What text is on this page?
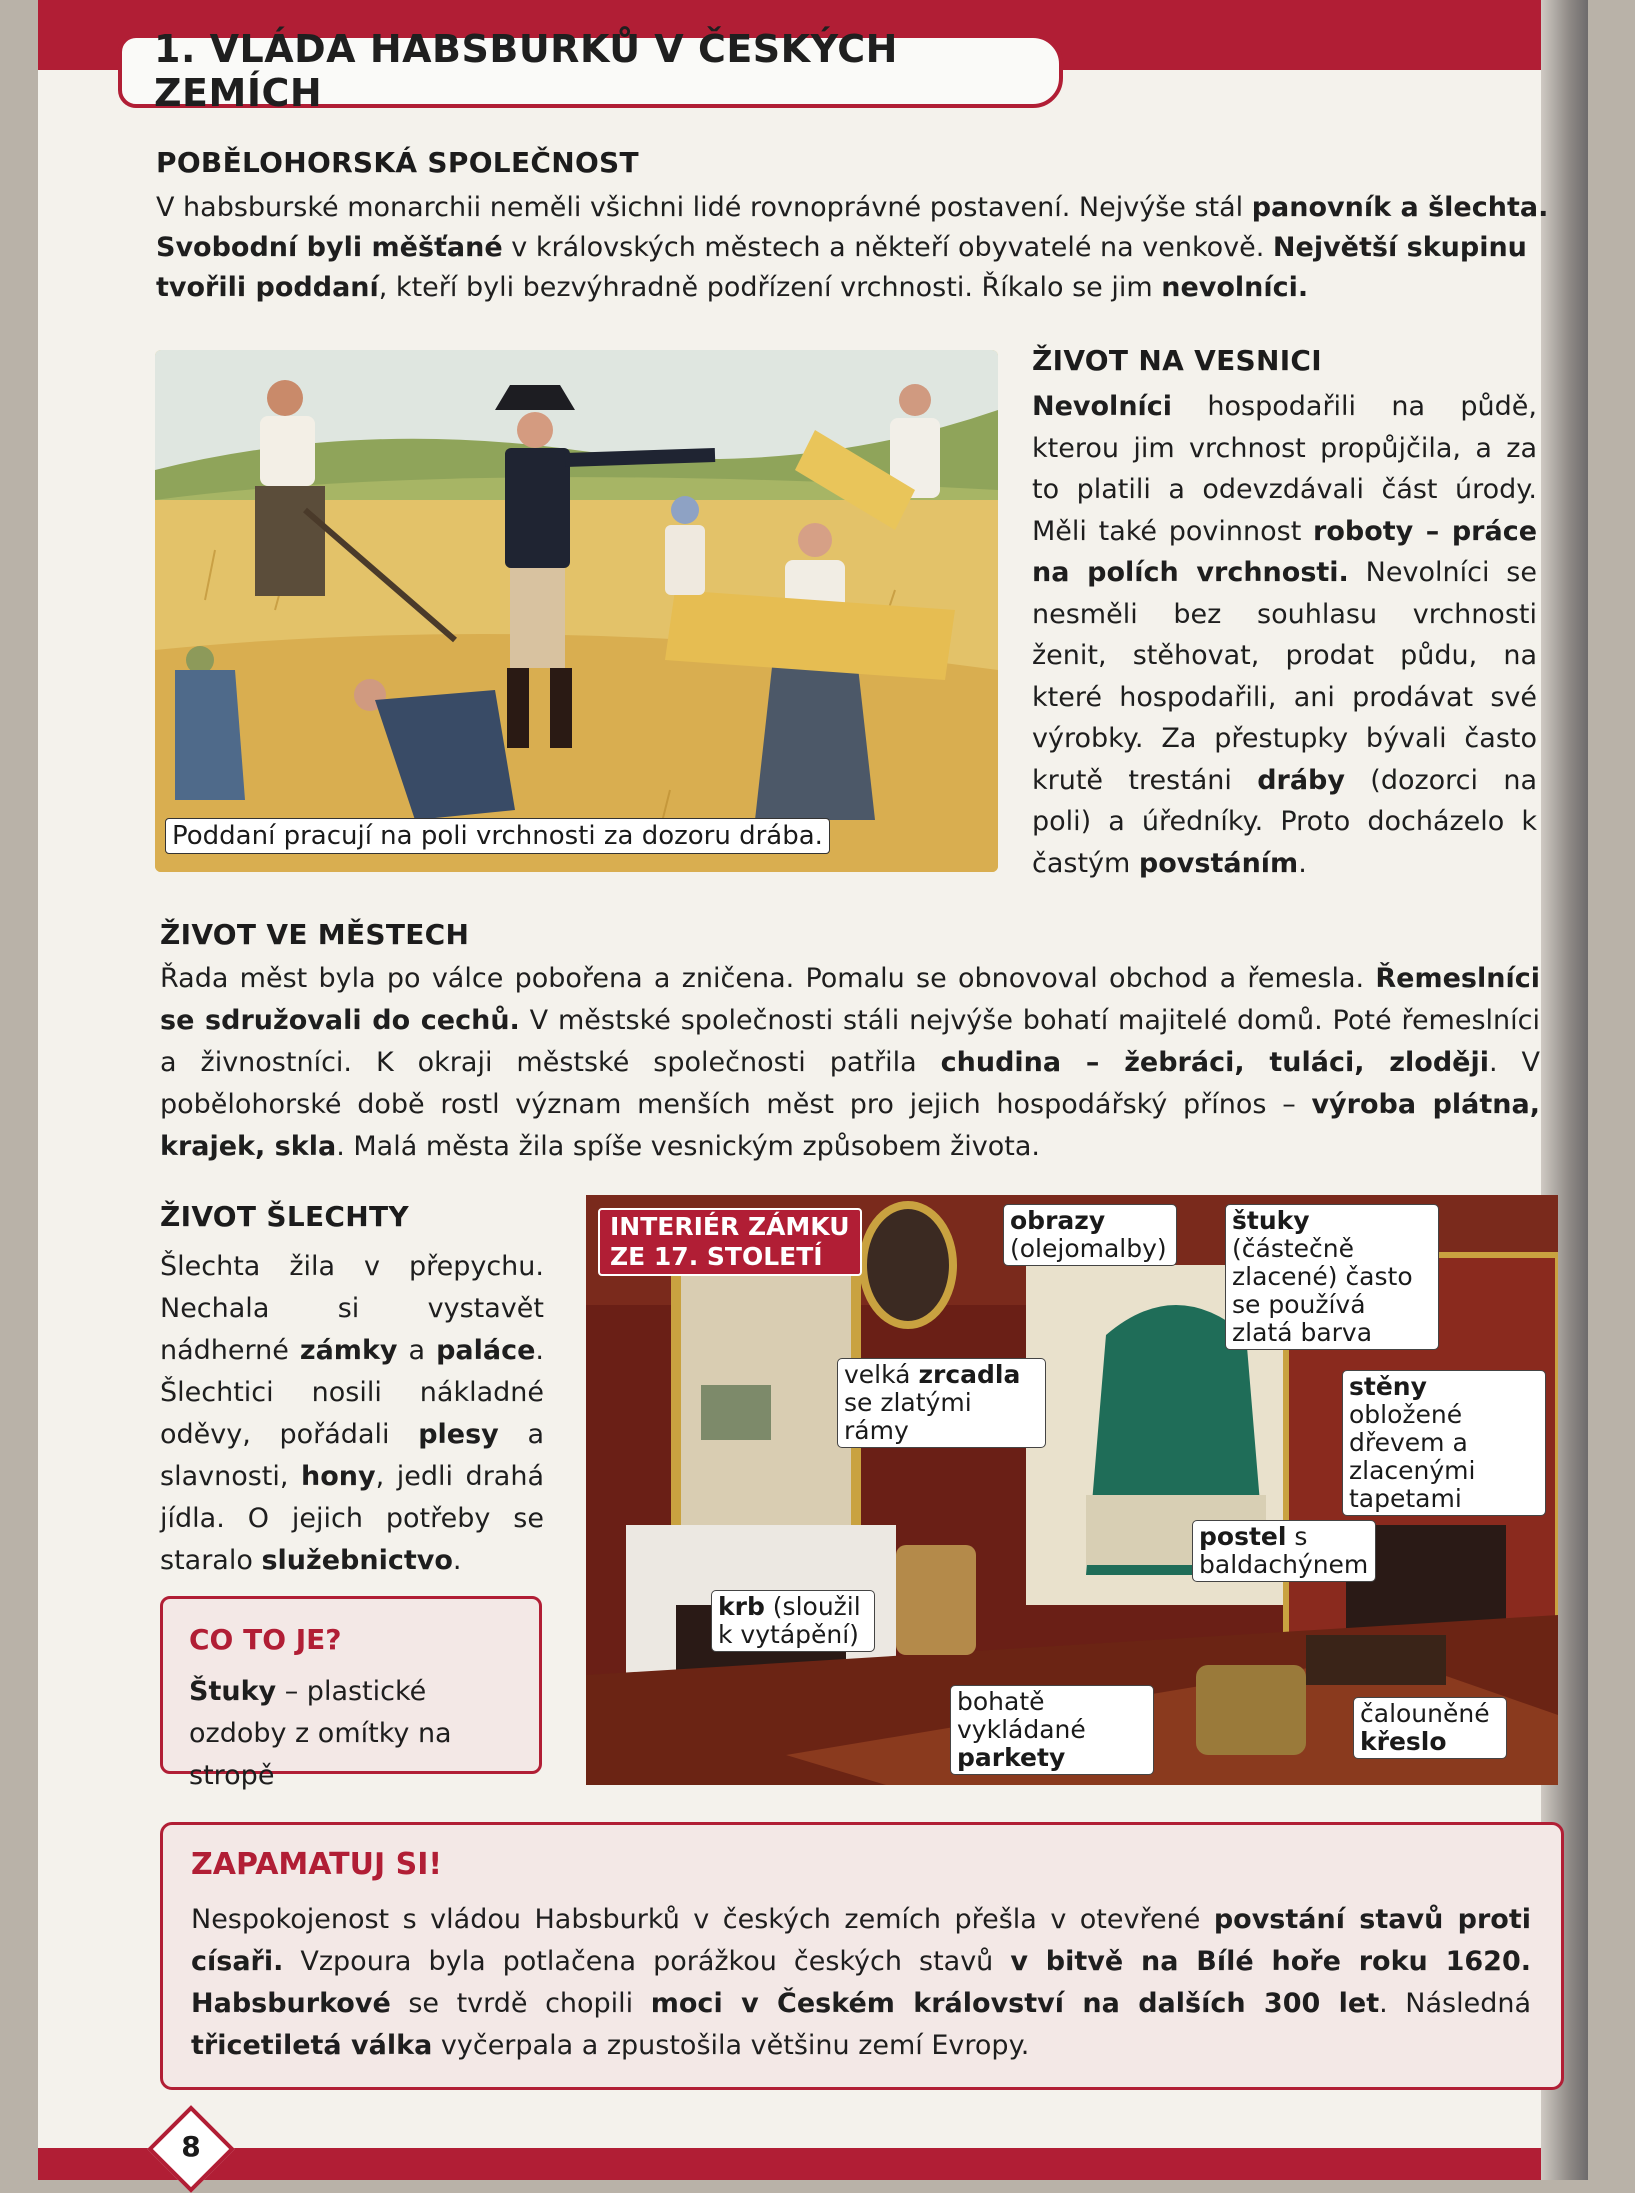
1. VLÁDA HABSBURKŮ V ČESKÝCH ZEMÍCH
POBĚLOHORSKÁ SPOLEČNOST
V habsburské monarchii neměli všichni lidé rovnoprávné postavení. Nejvýše stál panovník a šlechta.
Svobodní byli měšťané v královských městech a někteří obyvatelé na venkově. Největší skupinu
tvořili poddaní, kteří byli bezvýhradně podřízení vrchnosti. Říkalo se jim nevolníci.
Poddaní pracují na poli vrchnosti za dozoru drába.
ŽIVOT NA VESNICI
Nevolníci hospodařili na půdě, kterou jim vrchnost propůjčila, a za to platili a odevzdávali část úrody. Měli také povinnost roboty – práce na polích vrchnosti. Nevolníci se nesměli bez souhlasu vrchnosti ženit, stěhovat, prodat půdu, na které hospodařili, ani prodávat své výrobky. Za přestupky bývali často krutě trestáni dráby (dozorci na poli) a úředníky. Proto docházelo k častým povstáním.
ŽIVOT VE MĚSTECH
Řada měst byla po válce pobořena a zničena. Pomalu se obnovoval obchod a řemesla. Řemeslníci se sdružovali do cechů. V městské společnosti stáli nejvýše bohatí majitelé domů. Poté řemeslníci a živnostníci. K okraji městské společnosti patřila chudina – žebráci, tuláci, zloději. V pobělohorské době rostl význam menších měst pro jejich hospodářský přínos – výroba plátna, krajek, skla. Malá města žila spíše vesnickým způsobem života.
ŽIVOT ŠLECHTY
Šlechta žila v přepychu. Nechala si vystavět nádherné zámky a paláce. Šlechtici nosili nákladné oděvy, pořádali plesy a slavnosti, hony, jedli drahá jídla. O jejich potřeby se staralo služebnictvo.
INTERIÉR ZÁMKU
ZE 17. STOLETÍ
obrazy
(olejomalby)
štuky (částečně zlacené) často se používá zlatá barva
velká zrcadla se zlatými rámy
stěny obložené dřevem a zlacenými tapetami
postel s baldachýnem
krb (sloužil k vytápění)
bohatě vykládané parkety
čalouněné křeslo
CO TO JE?
Štuky – plastické ozdoby z omítky na stropě
ZAPAMATUJ SI!
Nespokojenost s vládou Habsburků v českých zemích přešla v otevřené povstání stavů proti císaři. Vzpoura byla potlačena porážkou českých stavů v bitvě na Bílé hoře roku 1620. Habsburkové se tvrdě chopili moci v Českém království na dalších 300 let. Následná třicetiletá válka vyčerpala a zpustošila většinu zemí Evropy.
8
